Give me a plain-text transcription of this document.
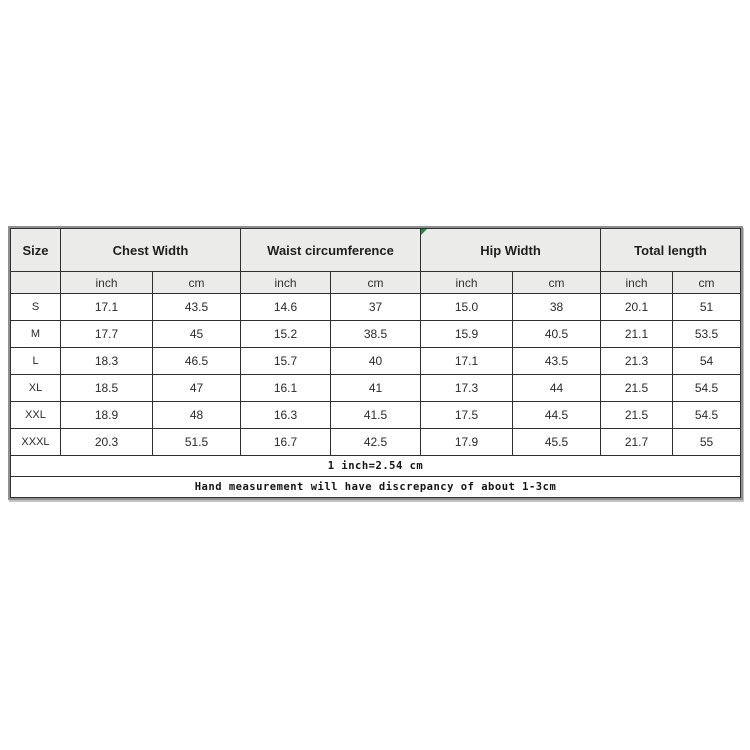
Size	Chest Width		Waist circumference		Hip Width		Total length	
	inch	cm	inch	cm	inch	cm	inch	cm
S	17.1	43.5	14.6	37	15.0	38	20.1	51
M	17.7	45	15.2	38.5	15.9	40.5	21.1	53.5
L	18.3	46.5	15.7	40	17.1	43.5	21.3	54
XL	18.5	47	16.1	41	17.3	44	21.5	54.5
XXL	18.9	48	16.3	41.5	17.5	44.5	21.5	54.5
XXXL	20.3	51.5	16.7	42.5	17.9	45.5	21.7	55
1 inch=2.54 cm								
Hand measurement will have discrepancy of about 1-3cm								
